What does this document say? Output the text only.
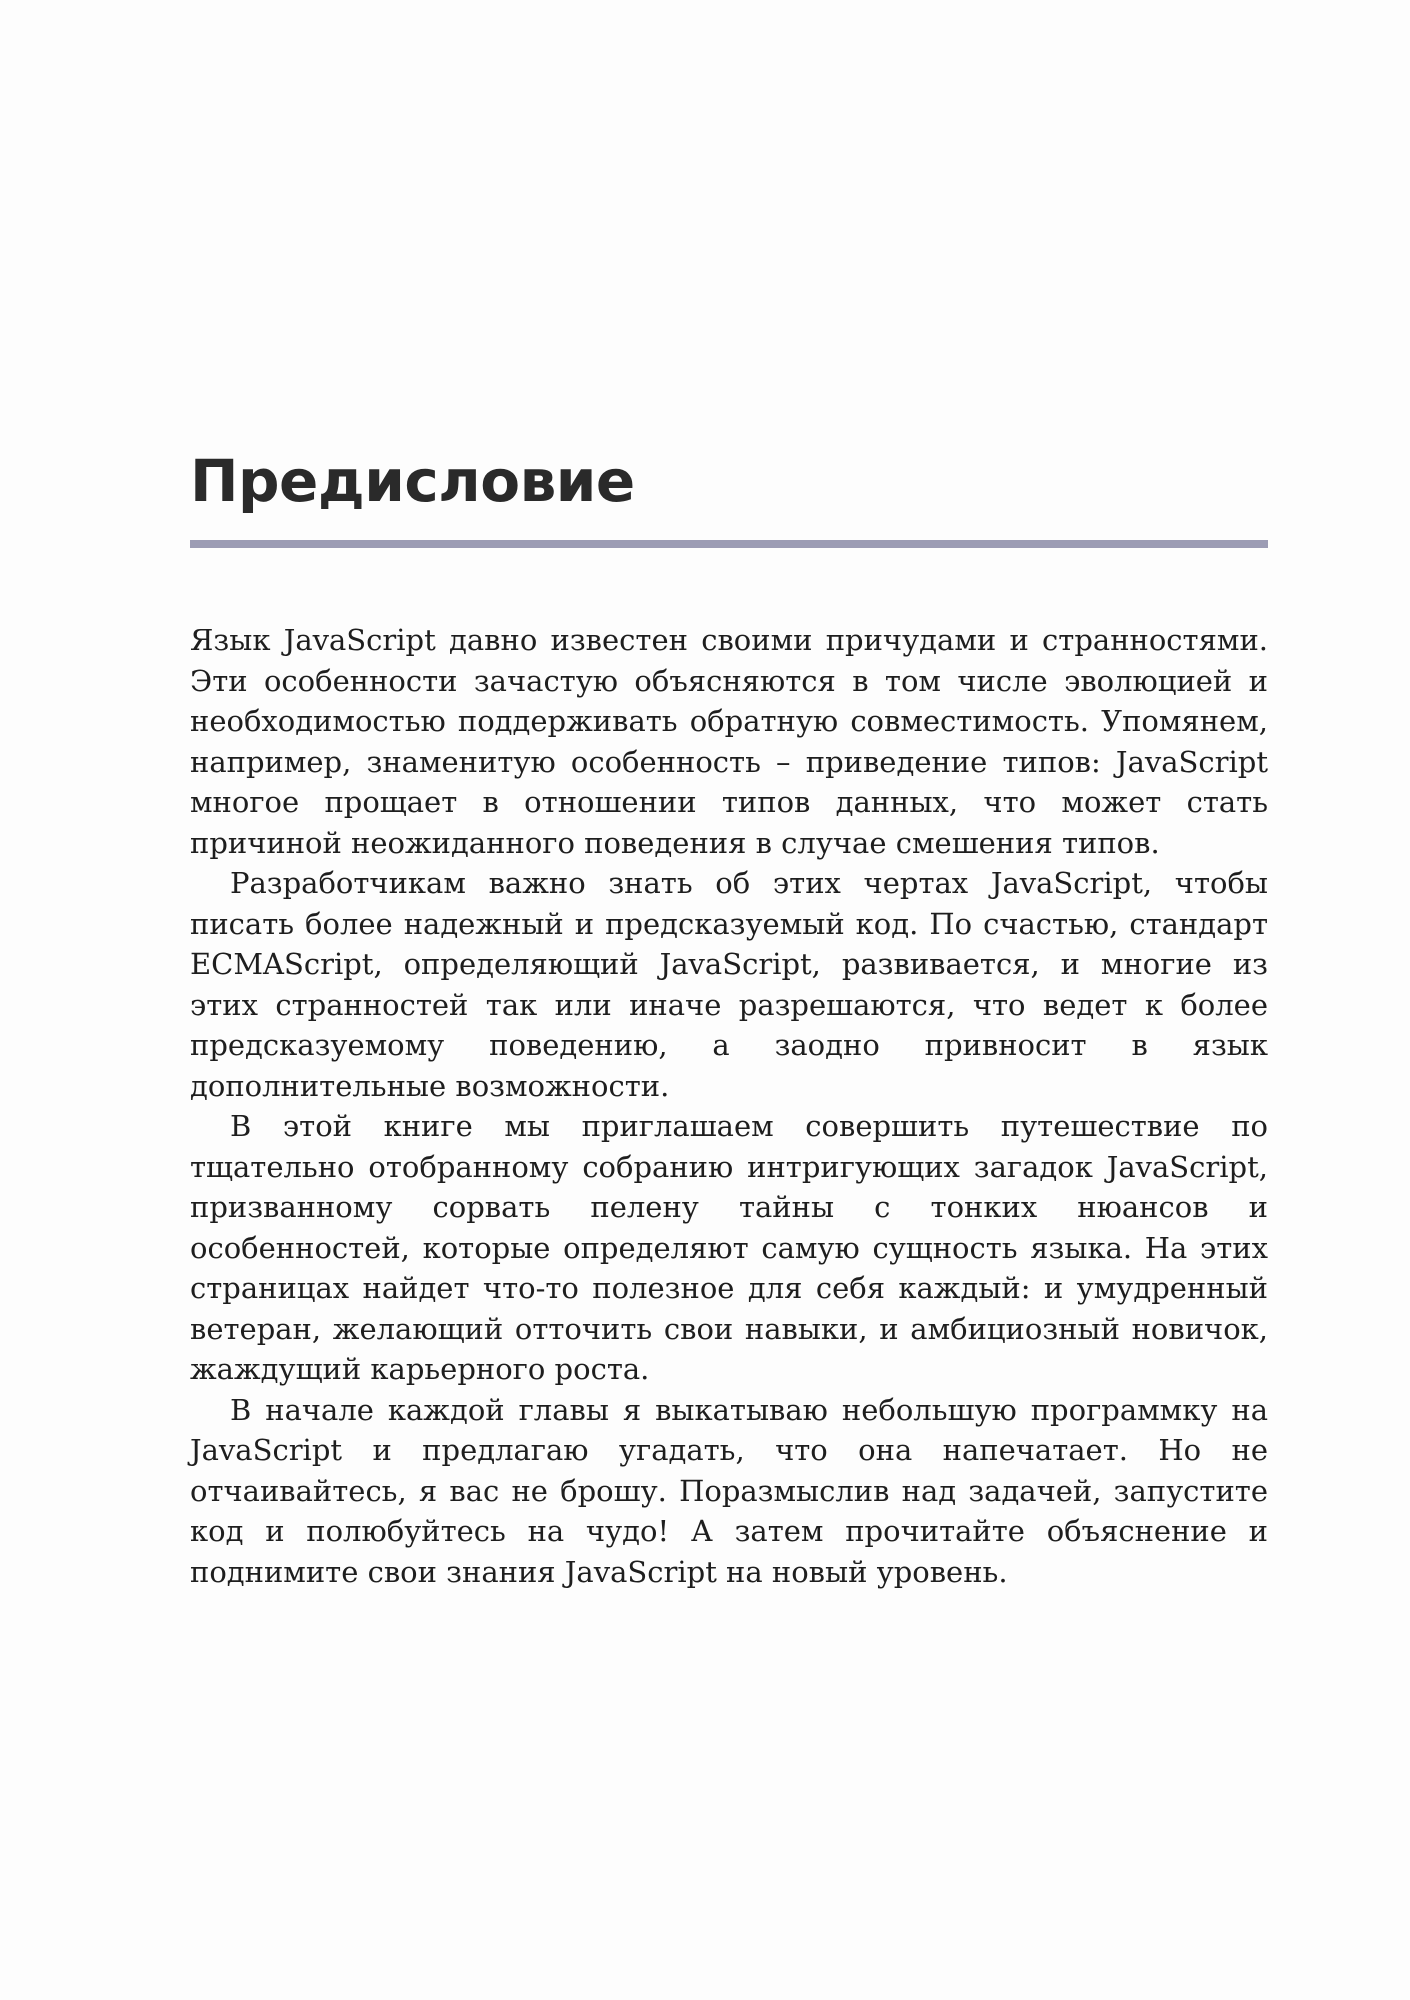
Предисловие

Язык JavaScript давно известен своими причудами и странностями. Эти особенности зачастую объясняются в том числе эволюцией и необходимостью поддерживать обратную совместимость. Упомянем, например, знаменитую особенность – приведение типов: JavaScript многое прощает в отношении типов данных, что может стать причиной неожиданного поведения в случае смешения типов.

Разработчикам важно знать об этих чертах JavaScript, чтобы писать более надежный и предсказуемый код. По счастью, стандарт ECMAScript, определяющий JavaScript, развивается, и многие из этих странностей так или иначе разрешаются, что ведет к более предсказуемому поведению, а заодно привносит в язык дополнительные возможности.

В этой книге мы приглашаем совершить путешествие по тщательно отобранному собранию интригующих загадок JavaScript, призванному сорвать пелену тайны с тонких нюансов и особенностей, которые определяют самую сущность языка. На этих страницах найдет что-то полезное для себя каждый: и умудренный ветеран, желающий отточить свои навыки, и амбициозный новичок, жаждущий карьерного роста.

В начале каждой главы я выкатываю небольшую программку на JavaScript и предлагаю угадать, что она напечатает. Но не отчаивайтесь, я вас не брошу. Поразмыслив над задачей, запустите код и полюбуйтесь на чудо! А затем прочитайте объяснение и поднимите свои знания JavaScript на новый уровень.
